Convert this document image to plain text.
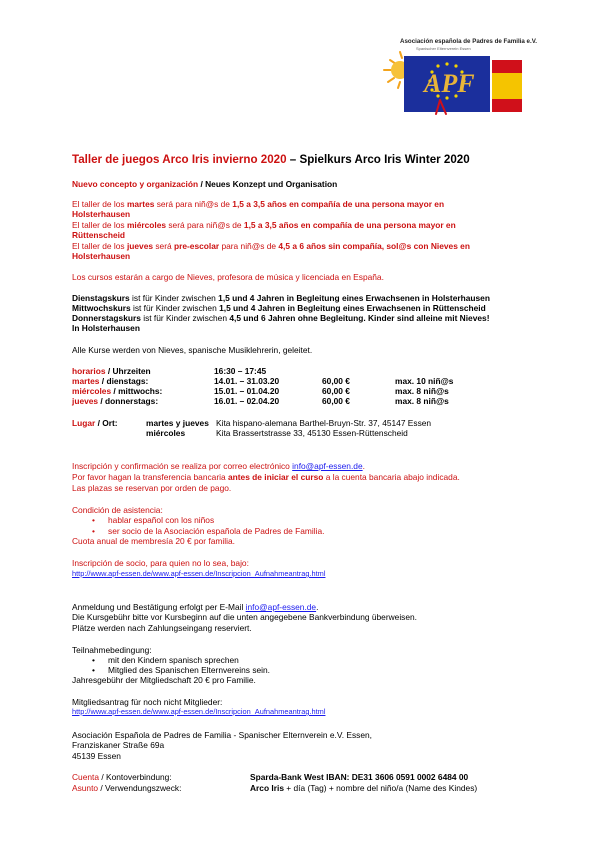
Asociación española de Padres de Familia e.V.
Spanischer Elternverein Essen
APF
Taller de juegos Arco Iris invierno 2020 – Spielkurs Arco Iris Winter 2020
Nuevo concepto y organización / Neues Konzept und Organisation
El taller de los martes será para niñ@s de 1,5 a 3,5 años en compañía de una persona mayor en
Holsterhausen
El taller de los miércoles será para niñ@s de 1,5 a 3,5 años en compañía de una persona mayor en
Rüttenscheid
El taller de los jueves será pre-escolar para niñ@s de 4,5 a 6 años sin compañía, sol@s con Nieves en
Holsterhausen
Los cursos estarán a cargo de Nieves, profesora de música y licenciada en España.
Dienstagskurs ist für Kinder zwischen 1,5 und 4 Jahren in Begleitung eines Erwachsenen in Holsterhausen
Mittwochskurs ist für Kinder zwischen 1,5 und 4 Jahren in Begleitung eines Erwachsenen in Rüttenscheid
Donnerstagskurs ist für Kinder zwischen 4,5 und 6 Jahren ohne Begleitung. Kinder sind alleine mit Nieves!
In Holsterhausen
Alle Kurse werden von Nieves, spanische Musiklehrerin, geleitet.
horarios / Uhrzeiten	16:30 – 17:45
martes / dienstags:	14.01. – 31.03.20	60,00 €	max. 10 niñ@s
miércoles / mittwochs:	15.01. – 01.04.20	60,00 €	max. 8 niñ@s
jueves / donnerstags:	16.01. – 02.04.20	60,00 €	max. 8 niñ@s
Lugar / Ort:	martes y jueves Kita hispano-alemana Barthel-Bruyn-Str. 37, 45147 Essen
miércoles	Kita Brassertstrasse 33, 45130 Essen-Rüttenscheid
Inscripción y confirmación se realiza por correo electrónico info@apf-essen.de.
Por favor hagan la transferencia bancaria antes de iniciar el curso a la cuenta bancaria abajo indicada.
Las plazas se reservan por orden de pago.
Condición de asistencia:
• hablar español con los niños
• ser socio de la Asociación española de Padres de Familia.
Cuota anual de membresía 20 € por familia.
Inscripción de socio, para quien no lo sea, bajo:
http://www.apf-essen.de/www.apf-essen.de/Inscripcion_Aufnahmeantrag.html
Anmeldung und Bestätigung erfolgt per E-Mail info@apf-essen.de.
Die Kursgebühr bitte vor Kursbeginn auf die unten angegebene Bankverbindung überweisen.
Plätze werden nach Zahlungseingang reserviert.
Teilnahmebedingung:
• mit den Kindern spanisch sprechen
• Mitglied des Spanischen Elternvereins sein.
Jahresgebühr der Mitgliedschaft 20 € pro Familie.
Mitgliedsantrag für noch nicht Mitglieder:
http://www.apf-essen.de/www.apf-essen.de/Inscripcion_Aufnahmeantrag.html
Asociación Española de Padres de Familia - Spanischer Elternverein e.V. Essen,
Franziskaner Straße 69a
45139 Essen
Cuenta / Kontoverbindung:	Sparda-Bank West IBAN: DE31 3606 0591 0002 6484 00
Asunto / Verwendungszweck:	Arco Iris + día (Tag) + nombre del niño/a (Name des Kindes)
